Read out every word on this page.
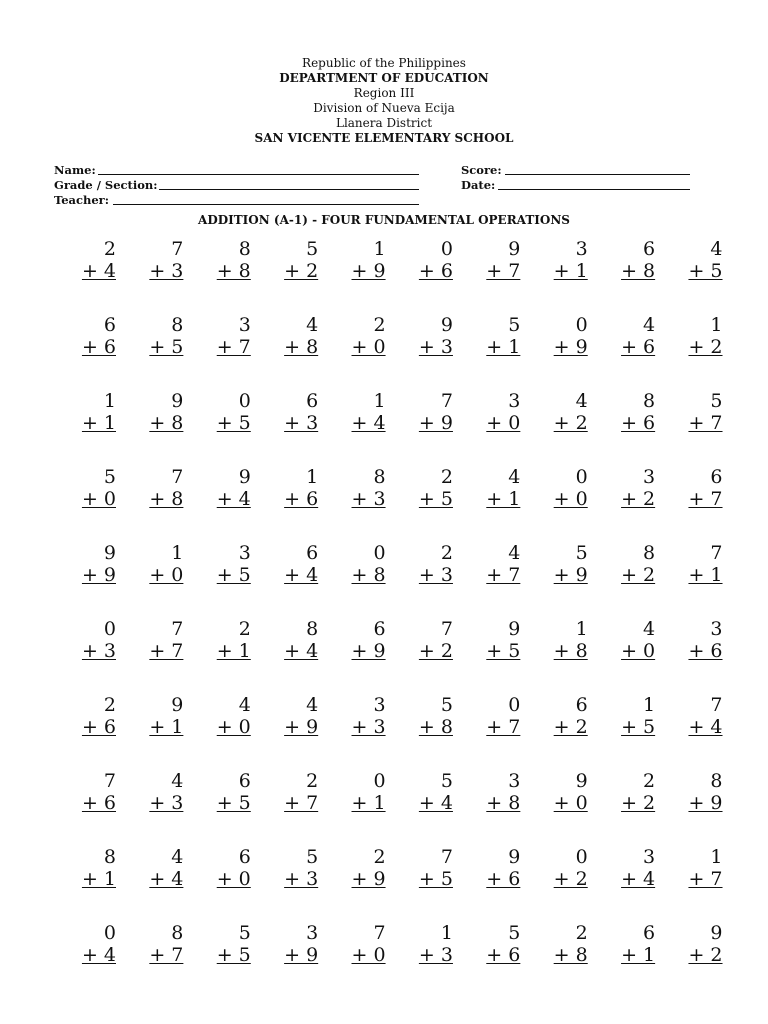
Republic of the Philippines
DEPARTMENT OF EDUCATION
Region III
Division of Nueva Ecija
Llanera District
SAN VICENTE ELEMENTARY SCHOOL
Name:
Grade / Section:
Teacher:
Score:
Date:
ADDITION (A-1) - FOUR FUNDAMENTAL OPERATIONS
2
+ 4
7
+ 3
8
+ 8
5
+ 2
1
+ 9
0
+ 6
9
+ 7
3
+ 1
6
+ 8
4
+ 5
6
+ 6
8
+ 5
3
+ 7
4
+ 8
2
+ 0
9
+ 3
5
+ 1
0
+ 9
4
+ 6
1
+ 2
1
+ 1
9
+ 8
0
+ 5
6
+ 3
1
+ 4
7
+ 9
3
+ 0
4
+ 2
8
+ 6
5
+ 7
5
+ 0
7
+ 8
9
+ 4
1
+ 6
8
+ 3
2
+ 5
4
+ 1
0
+ 0
3
+ 2
6
+ 7
9
+ 9
1
+ 0
3
+ 5
6
+ 4
0
+ 8
2
+ 3
4
+ 7
5
+ 9
8
+ 2
7
+ 1
0
+ 3
7
+ 7
2
+ 1
8
+ 4
6
+ 9
7
+ 2
9
+ 5
1
+ 8
4
+ 0
3
+ 6
2
+ 6
9
+ 1
4
+ 0
4
+ 9
3
+ 3
5
+ 8
0
+ 7
6
+ 2
1
+ 5
7
+ 4
7
+ 6
4
+ 3
6
+ 5
2
+ 7
0
+ 1
5
+ 4
3
+ 8
9
+ 0
2
+ 2
8
+ 9
8
+ 1
4
+ 4
6
+ 0
5
+ 3
2
+ 9
7
+ 5
9
+ 6
0
+ 2
3
+ 4
1
+ 7
0
+ 4
8
+ 7
5
+ 5
3
+ 9
7
+ 0
1
+ 3
5
+ 6
2
+ 8
6
+ 1
9
+ 2
